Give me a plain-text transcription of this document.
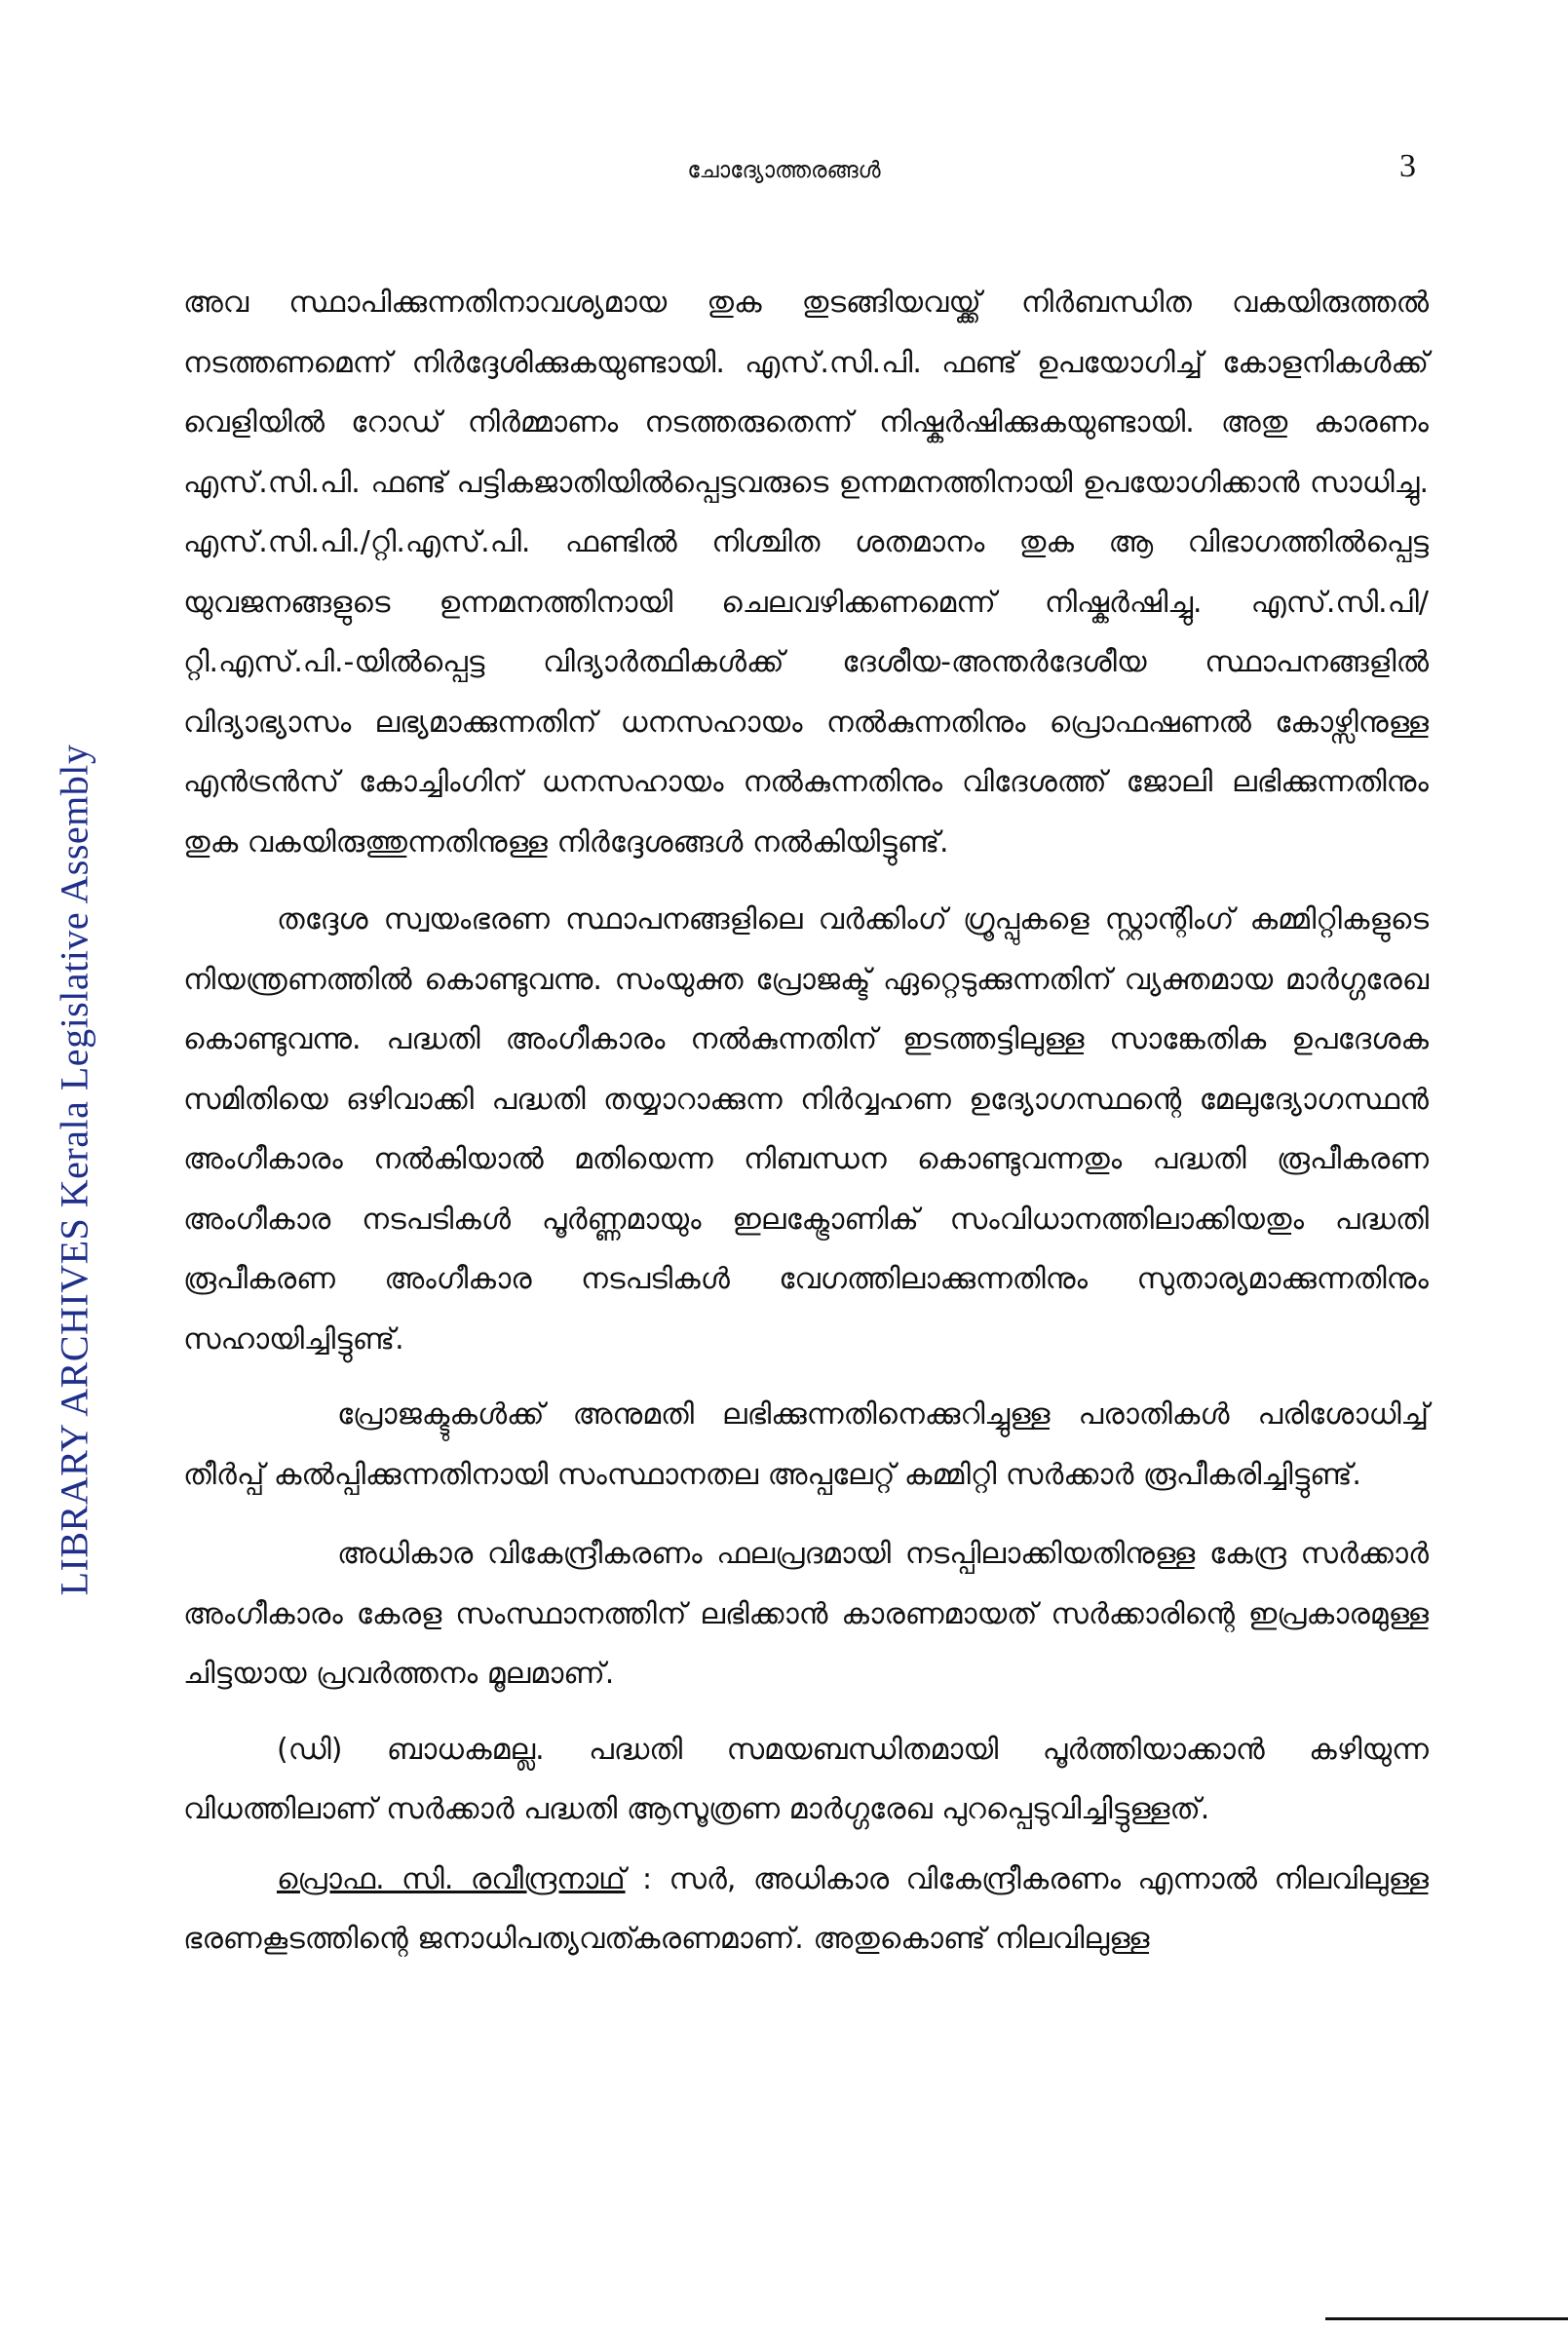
LIBRARY ARCHIVES Kerala Legislative Assembly
ചോദ്യോത്തരങ്ങൾ	3

അവ സ്ഥാപിക്കുന്നതിനാവശ്യമായ തുക തുടങ്ങിയവയ്ക്ക് നിർബന്ധിത വകയിരുത്തൽ നടത്തണമെന്ന് നിർദ്ദേശിക്കുകയുണ്ടായി. എസ്.സി.പി. ഫണ്ട് ഉപയോഗിച്ച് കോളനികൾക്ക് വെളിയിൽ റോഡ് നിർമ്മാണം നടത്തരുതെന്ന് നിഷ്കർഷിക്കുകയുണ്ടായി. അതു കാരണം എസ്.സി.പി. ഫണ്ട് പട്ടികജാതിയിൽപ്പെട്ടവരുടെ ഉന്നമനത്തിനായി ഉപയോഗിക്കാൻ സാധിച്ചു. എസ്.സി.പി./റ്റി.എസ്.പി. ഫണ്ടിൽ നിശ്ചിത ശതമാനം തുക ആ വിഭാഗത്തിൽപ്പെട്ട യുവജനങ്ങളുടെ ഉന്നമനത്തിനായി ചെലവഴിക്കണമെന്ന് നിഷ്കർഷിച്ചു. എസ്.സി.പി/റ്റി.എസ്.പി.-യിൽപ്പെട്ട വിദ്യാർത്ഥികൾക്ക് ദേശീയ-അന്തർദേശീയ സ്ഥാപനങ്ങളിൽ വിദ്യാഭ്യാസം ലഭ്യമാക്കുന്നതിന് ധനസഹായം നൽകുന്നതിനും പ്രൊഫഷണൽ കോഴ്സിനുള്ള എൻട്രൻസ് കോച്ചിംഗിന് ധനസഹായം നൽകുന്നതിനും വിദേശത്ത് ജോലി ലഭിക്കുന്നതിനും തുക വകയിരുത്തുന്നതിനുള്ള നിർദ്ദേശങ്ങൾ നൽകിയിട്ടുണ്ട്.

തദ്ദേശ സ്വയംഭരണ സ്ഥാപനങ്ങളിലെ വർക്കിംഗ് ഗ്രൂപ്പുകളെ സ്റ്റാന്റിംഗ് കമ്മിറ്റികളുടെ നിയന്ത്രണത്തിൽ കൊണ്ടുവന്നു. സംയുക്ത പ്രോജക്ട് ഏറ്റെടുക്കുന്നതിന് വ്യക്തമായ മാർഗ്ഗരേഖ കൊണ്ടുവന്നു. പദ്ധതി അംഗീകാരം നൽകുന്നതിന് ഇടത്തട്ടിലുള്ള സാങ്കേതിക ഉപദേശക സമിതിയെ ഒഴിവാക്കി പദ്ധതി തയ്യാറാക്കുന്ന നിർവ്വഹണ ഉദ്യോഗസ്ഥന്റെ മേലുദ്യോഗസ്ഥൻ അംഗീകാരം നൽകിയാൽ മതിയെന്ന നിബന്ധന കൊണ്ടുവന്നതും പദ്ധതി രൂപീകരണ അംഗീകാര നടപടികൾ പൂർണ്ണമായും ഇലക്ട്രോണിക് സംവിധാനത്തിലാക്കിയതും പദ്ധതി രൂപീകരണ അംഗീകാര നടപടികൾ വേഗത്തിലാക്കുന്നതിനും സുതാര്യമാക്കുന്നതിനും സഹായിച്ചിട്ടുണ്ട്.

പ്രോജക്ടുകൾക്ക് അനുമതി ലഭിക്കുന്നതിനെക്കുറിച്ചുള്ള പരാതികൾ പരിശോധിച്ച് തീർപ്പ് കൽപ്പിക്കുന്നതിനായി സംസ്ഥാനതല അപ്പലേറ്റ് കമ്മിറ്റി സർക്കാർ രൂപീകരിച്ചിട്ടുണ്ട്.

അധികാര വികേന്ദ്രീകരണം ഫലപ്രദമായി നടപ്പിലാക്കിയതിനുള്ള കേന്ദ്ര സർക്കാർ അംഗീകാരം കേരള സംസ്ഥാനത്തിന് ലഭിക്കാൻ കാരണമായത് സർക്കാരിന്റെ ഇപ്രകാരമുള്ള ചിട്ടയായ പ്രവർത്തനം മൂലമാണ്.

(ഡി) ബാധകമല്ല. പദ്ധതി സമയബന്ധിതമായി പൂർത്തിയാക്കാൻ കഴിയുന്ന വിധത്തിലാണ് സർക്കാർ പദ്ധതി ആസൂത്രണ മാർഗ്ഗരേഖ പുറപ്പെടുവിച്ചിട്ടുള്ളത്.

പ്രൊഫ. സി. രവീന്ദ്രനാഥ് : സർ, അധികാര വികേന്ദ്രീകരണം എന്നാൽ നിലവിലുള്ള ഭരണകൂടത്തിന്റെ ജനാധിപത്യവത്കരണമാണ്. അതുകൊണ്ട് നിലവിലുള്ള
